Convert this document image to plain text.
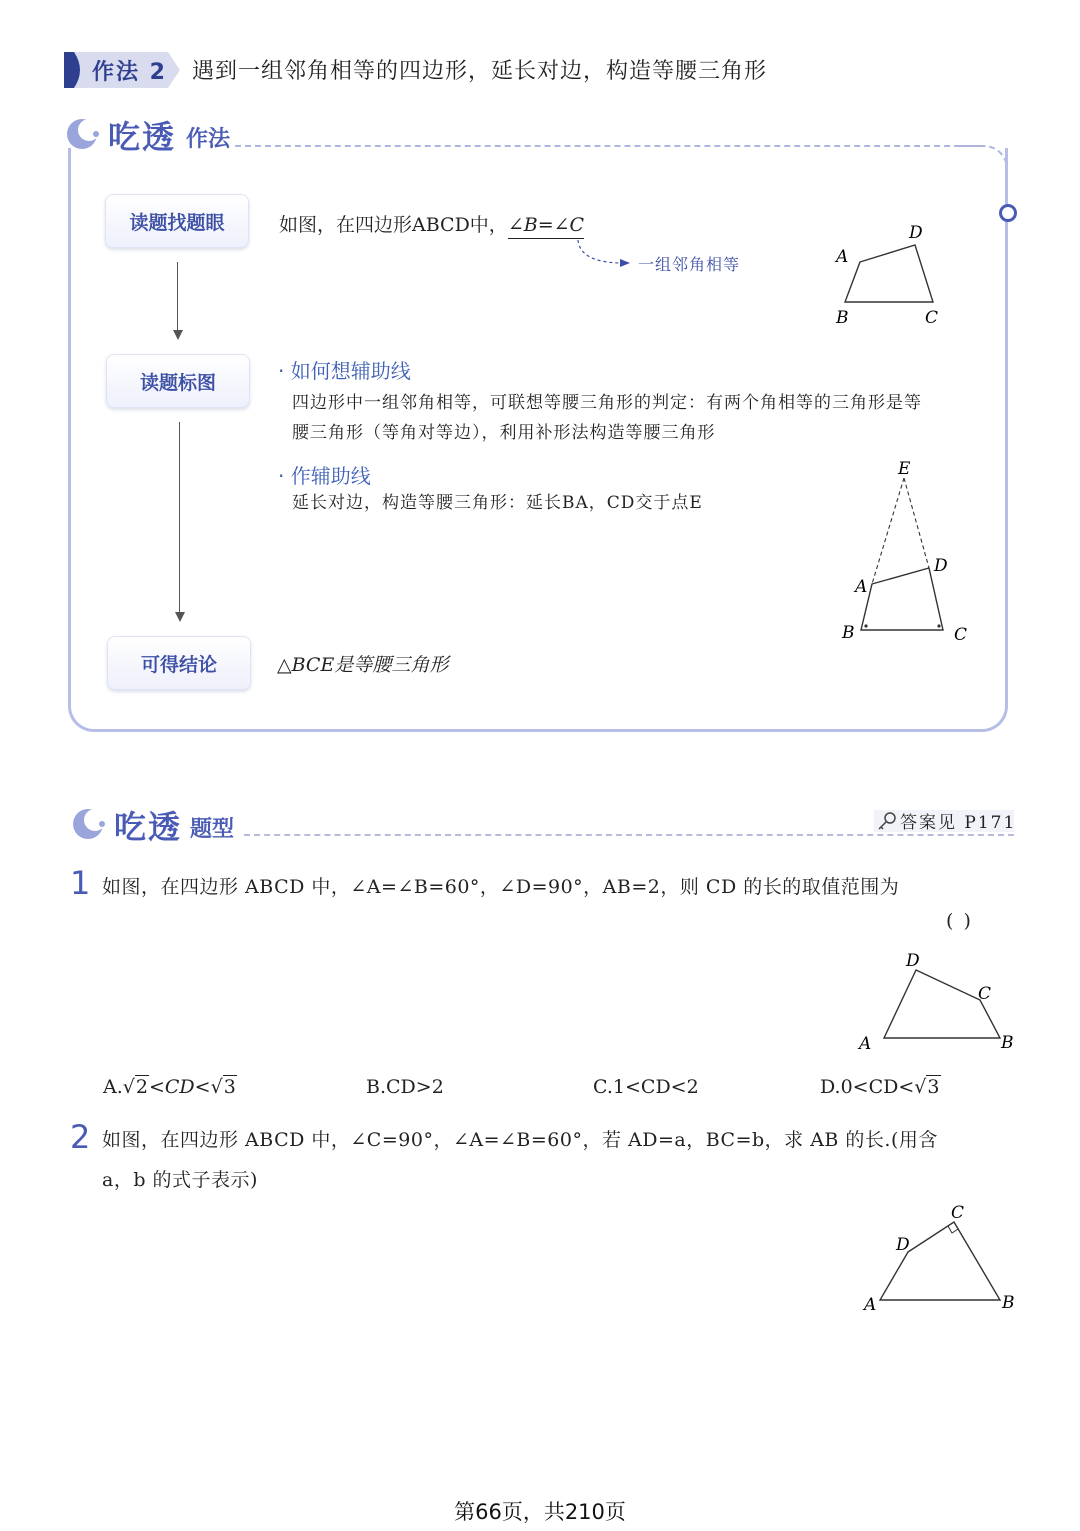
作法 2 遇到一组邻角相等的四边形，延长对边，构造等腰三角形
吃透 作法
读题找题眼
读题标图
可得结论
如图，在四边形ABCD中，∠B=∠C
一组邻角相等	A
D
B	C
· 如何想辅助线
四边形中一组邻角相等，可联想等腰三角形的判定：有两个角相等的三角形是等
腰三角形（等角对等边），利用补形法构造等腰三角形
· 作辅助线
延长对边，构造等腰三角形：延长BA，CD交于点E
E
D
A
B	C
△BCE是等腰三角形
吃透 题型	答案见 P171
1 如图，在四边形 ABCD 中，∠A=∠B=60°，∠D=90°，AB=2，则 CD 的长的取值范围为
( )
D
C
A	B
A.√2<CD<√3	B.CD>2	C.1<CD<2	D.0<CD<√3
2 如图，在四边形 ABCD 中，∠C=90°，∠A=∠B=60°，若 AD=a，BC=b，求 AB 的长.(用含
a，b 的式子表示)
C
D
A	B
第66页，共210页
